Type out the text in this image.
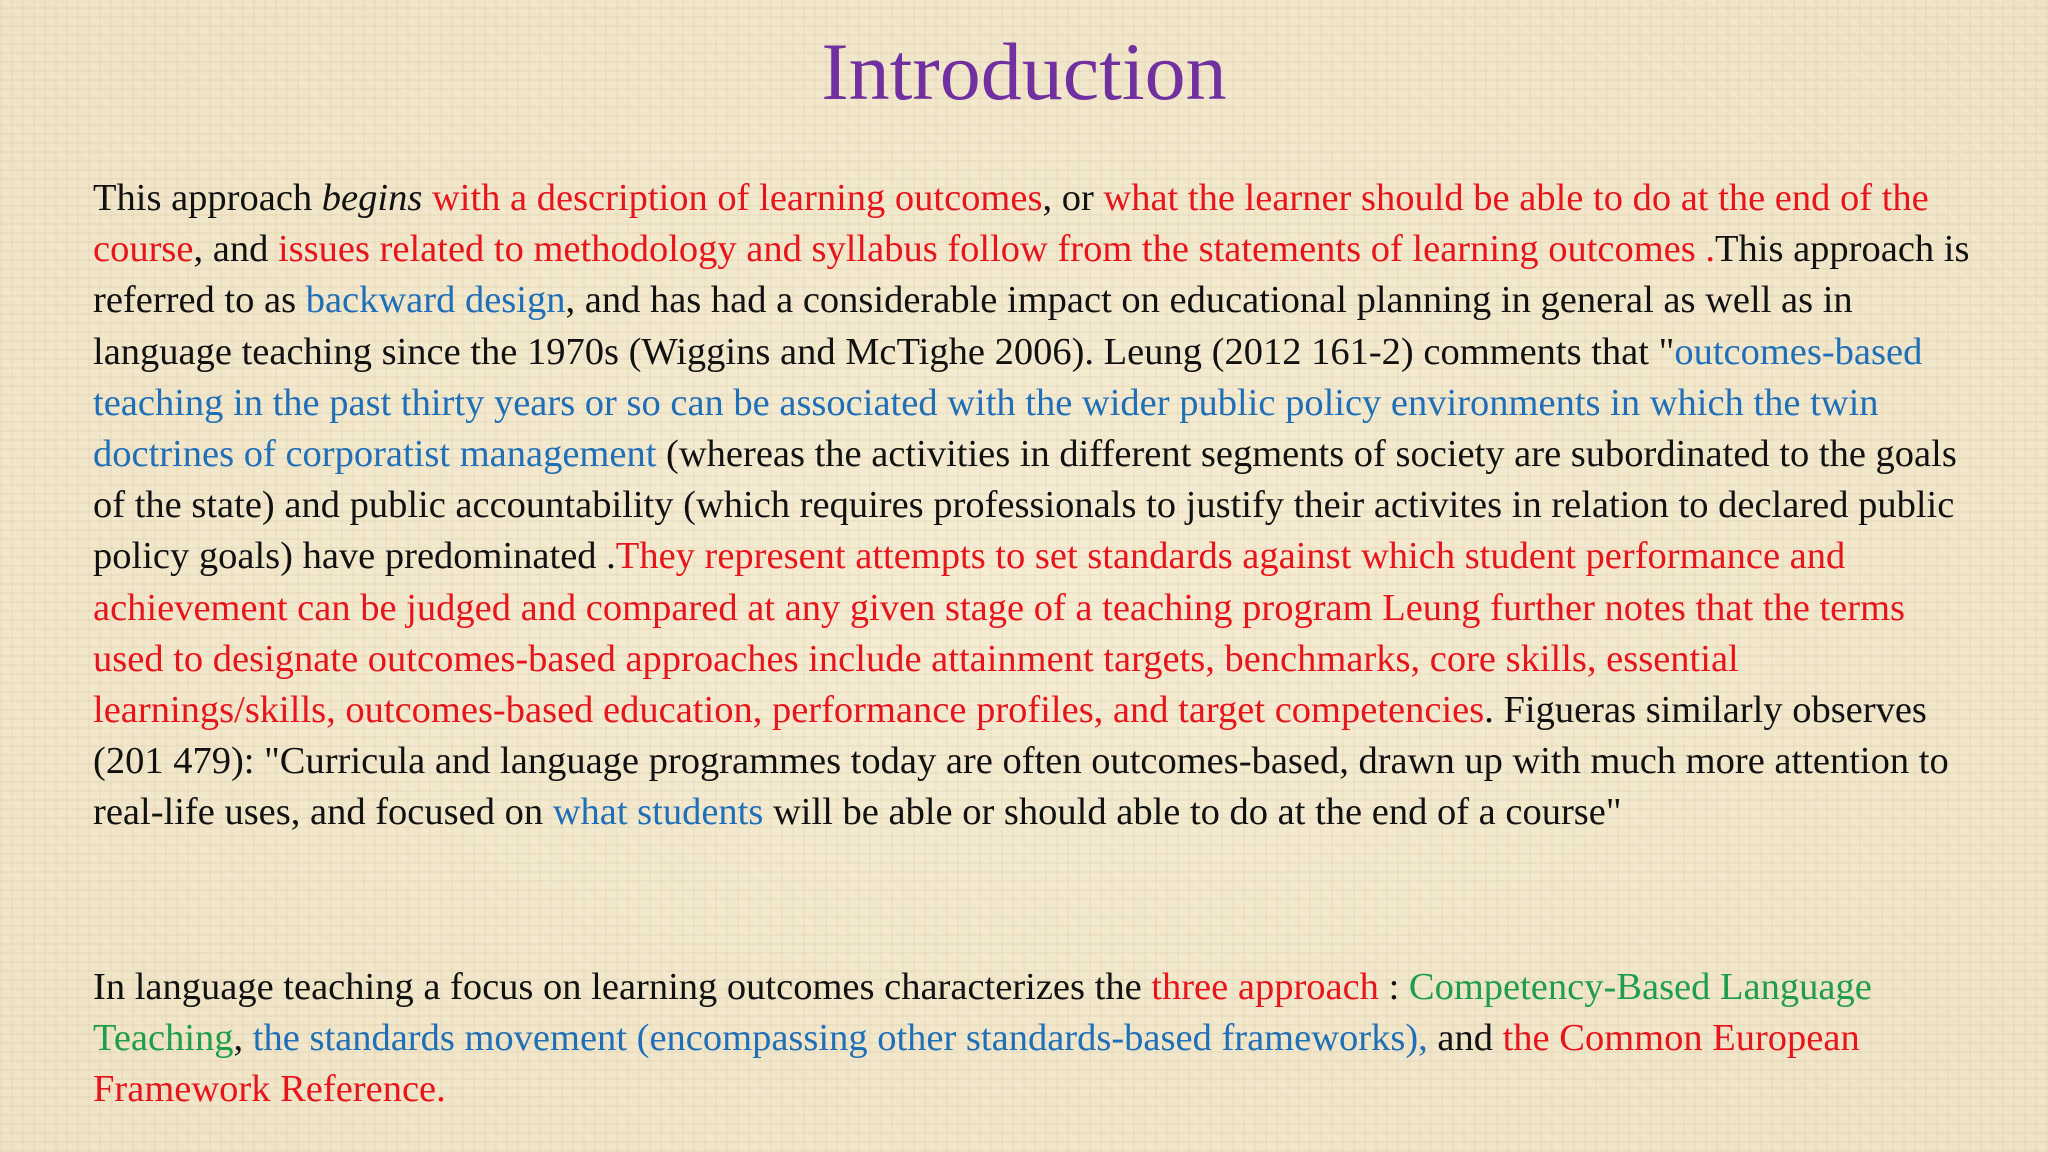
Introduction

This approach begins with a description of learning outcomes, or what the learner should be able to do at the end of the course, and issues related to methodology and syllabus follow from the statements of learning outcomes .This approach is referred to as backward design, and has had a considerable impact on educational planning in general as well as in language teaching since the 1970s (Wiggins and McTighe 2006). Leung (2012 161-2) comments that "outcomes-based teaching in the past thirty years or so can be associated with the wider public policy environments in which the twin doctrines of corporatist management (whereas the activities in different segments of society are subordinated to the goals of the state) and public accountability (which requires professionals to justify their activites in relation to declared public policy goals) have predominated .They represent attempts to set standards against which student performance and achievement can be judged and compared at any given stage of a teaching program Leung further notes that the terms used to designate outcomes-based approaches include attainment targets, benchmarks, core skills, essential learnings/skills, outcomes-based education, performance profiles, and target competencies. Figueras similarly observes (201 479): "Curricula and language programmes today are often outcomes-based, drawn up with much more attention to real-life uses, and focused on what students will be able or should able to do at the end of a course"

In language teaching a focus on learning outcomes characterizes the three approach : Competency-Based Language Teaching, the standards movement (encompassing other standards-based frameworks), and the Common European Framework Reference.
